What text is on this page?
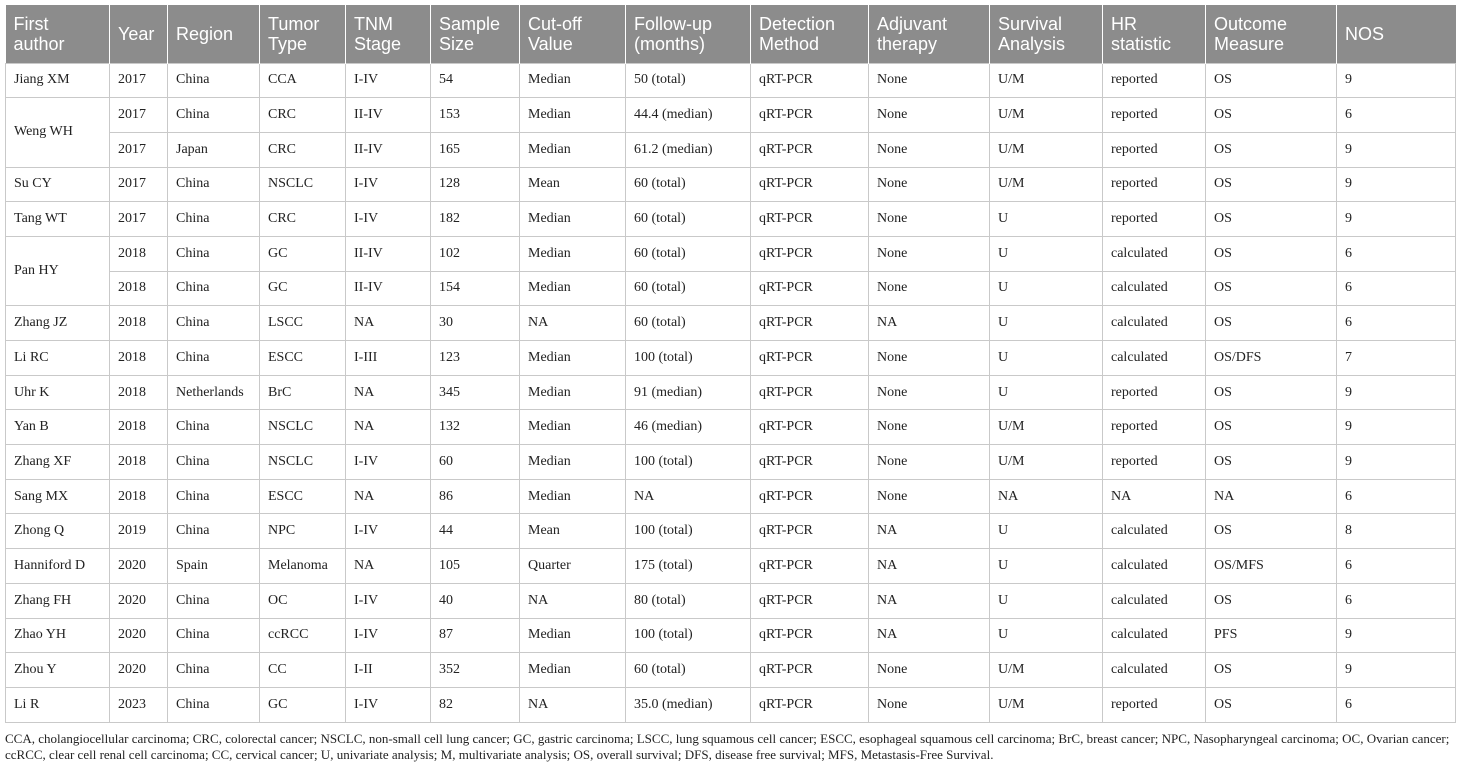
First author	Year	Region	Tumor Type	TNM Stage	Sample Size	Cut-off Value	Follow-up (months)	Detection Method	Adjuvant therapy	Survival Analysis	HR statistic	Outcome Measure	NOS
Jiang XM	2017	China	CCA	I-IV	54	Median	50 (total)	qRT-PCR	None	U/M	reported	OS	9
Weng WH	2017	China	CRC	II-IV	153	Median	44.4 (median)	qRT-PCR	None	U/M	reported	OS	6
	2017	Japan	CRC	II-IV	165	Median	61.2 (median)	qRT-PCR	None	U/M	reported	OS	9
Su CY	2017	China	NSCLC	I-IV	128	Mean	60 (total)	qRT-PCR	None	U/M	reported	OS	9
Tang WT	2017	China	CRC	I-IV	182	Median	60 (total)	qRT-PCR	None	U	reported	OS	9
Pan HY	2018	China	GC	II-IV	102	Median	60 (total)	qRT-PCR	None	U	calculated	OS	6
	2018	China	GC	II-IV	154	Median	60 (total)	qRT-PCR	None	U	calculated	OS	6
Zhang JZ	2018	China	LSCC	NA	30	NA	60 (total)	qRT-PCR	NA	U	calculated	OS	6
Li RC	2018	China	ESCC	I-III	123	Median	100 (total)	qRT-PCR	None	U	calculated	OS/DFS	7
Uhr K	2018	Netherlands	BrC	NA	345	Median	91 (median)	qRT-PCR	None	U	reported	OS	9
Yan B	2018	China	NSCLC	NA	132	Median	46 (median)	qRT-PCR	None	U/M	reported	OS	9
Zhang XF	2018	China	NSCLC	I-IV	60	Median	100 (total)	qRT-PCR	None	U/M	reported	OS	9
Sang MX	2018	China	ESCC	NA	86	Median	NA	qRT-PCR	None	NA	NA	NA	6
Zhong Q	2019	China	NPC	I-IV	44	Mean	100 (total)	qRT-PCR	NA	U	calculated	OS	8
Hanniford D	2020	Spain	Melanoma	NA	105	Quarter	175 (total)	qRT-PCR	NA	U	calculated	OS/MFS	6
Zhang FH	2020	China	OC	I-IV	40	NA	80 (total)	qRT-PCR	NA	U	calculated	OS	6
Zhao YH	2020	China	ccRCC	I-IV	87	Median	100 (total)	qRT-PCR	NA	U	calculated	PFS	9
Zhou Y	2020	China	CC	I-II	352	Median	60 (total)	qRT-PCR	None	U/M	calculated	OS	9
Li R	2023	China	GC	I-IV	82	NA	35.0 (median)	qRT-PCR	None	U/M	reported	OS	6
CCA, cholangiocellular carcinoma; CRC, colorectal cancer; NSCLC, non-small cell lung cancer; GC, gastric carcinoma; LSCC, lung squamous cell cancer; ESCC, esophageal squamous cell carcinoma; BrC, breast cancer; NPC, Nasopharyngeal carcinoma; OC, Ovarian cancer; ccRCC, clear cell renal cell carcinoma; CC, cervical cancer; U, univariate analysis; M, multivariate analysis; OS, overall survival; DFS, disease free survival; MFS, Metastasis-Free Survival.
